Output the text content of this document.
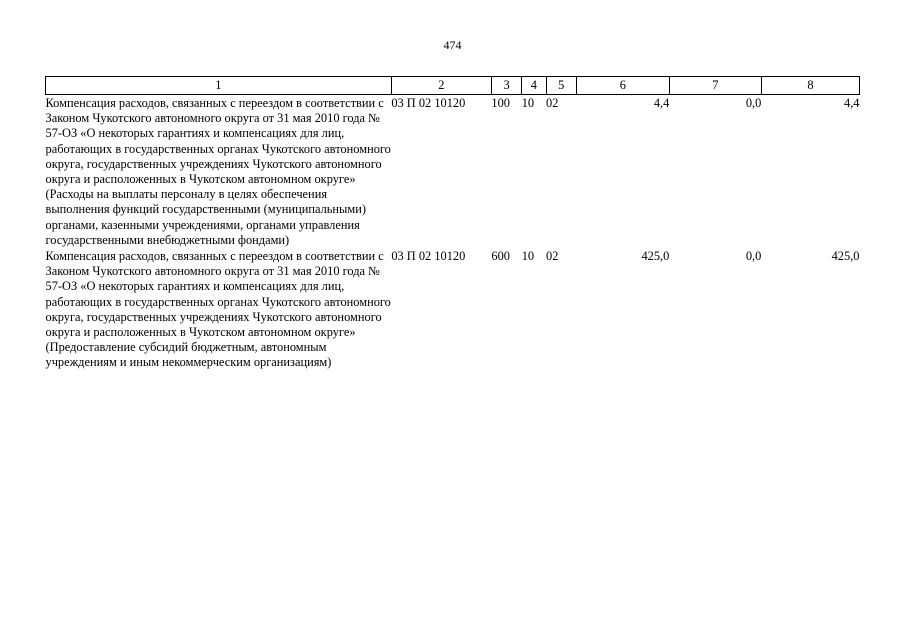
474
1	2	3	4	5	6	7	8
Компенсация расходов, связанных с переездом в соответствии с Законом Чукотского автономного округа от 31 мая 2010 года № 57-ОЗ «О некоторых гарантиях и компенсациях для лиц, работающих в государственных органах Чукотского автономного округа, государственных учреждениях Чукотского автономного округа и расположенных в Чукотском автономном округе» (Расходы на выплаты персоналу в целях обеспечения выполнения функций государственными (муниципальными) органами, казенными учреждениями, органами управления государственными внебюджетными фондами)	03 П 02 10120	100	10	02	4,4	0,0	4,4
Компенсация расходов, связанных с переездом в соответствии с Законом Чукотского автономного округа от 31 мая 2010 года № 57-ОЗ «О некоторых гарантиях и компенсациях для лиц, работающих в государственных органах Чукотского автономного округа, государственных учреждениях Чукотского автономного округа и расположенных в Чукотском автономном округе» (Предоставление субсидий бюджетным, автономным учреждениям и иным некоммерческим организациям)	03 П 02 10120	600	10	02	425,0	0,0	425,0
